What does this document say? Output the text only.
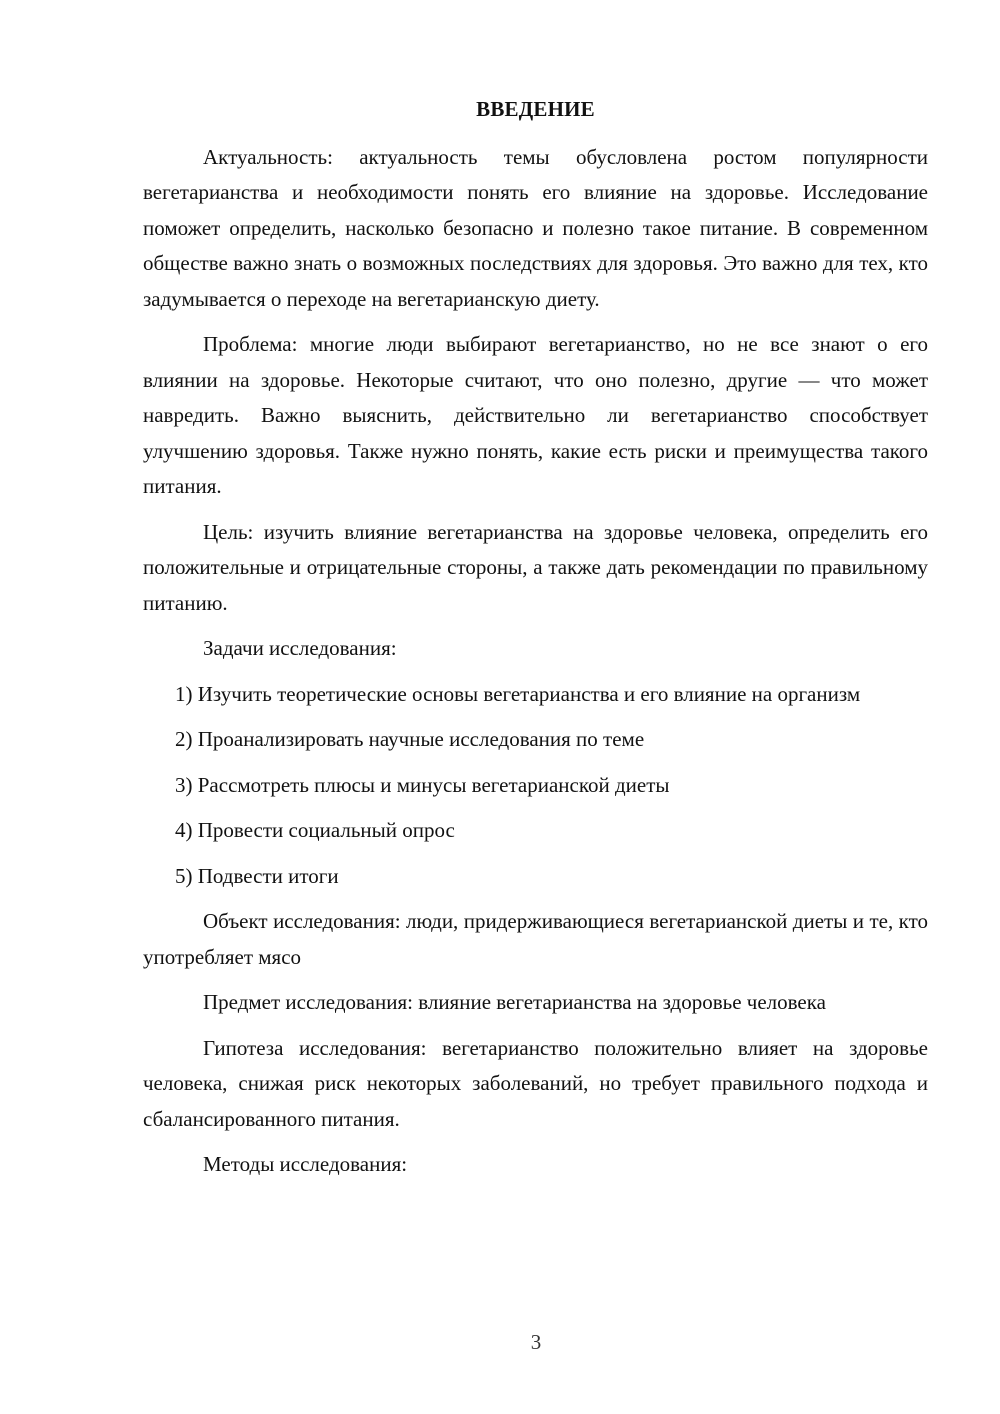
ВВЕДЕНИЕ

Актуальность: актуальность темы обусловлена ростом популярности вегетарианства и необходимости понять его влияние на здоровье. Исследование поможет определить, насколько безопасно и полезно такое питание. В современном обществе важно знать о возможных последствиях для здоровья. Это важно для тех, кто задумывается о переходе на вегетарианскую диету.

Проблема: многие люди выбирают вегетарианство, но не все знают о его влиянии на здоровье. Некоторые считают, что оно полезно, другие — что может навредить. Важно выяснить, действительно ли вегетарианство способствует улучшению здоровья. Также нужно понять, какие есть риски и преимущества такого питания.

Цель: изучить влияние вегетарианства на здоровье человека, определить его положительные и отрицательные стороны, а также дать рекомендации по правильному питанию.

Задачи исследования:

1) Изучить теоретические основы вегетарианства и его влияние на организм
2) Проанализировать научные исследования по теме
3) Рассмотреть плюсы и минусы вегетарианской диеты
4) Провести социальный опрос
5) Подвести итоги

Объект исследования: люди, придерживающиеся вегетарианской диеты и те, кто употребляет мясо

Предмет исследования: влияние вегетарианства на здоровье человека

Гипотеза исследования: вегетарианство положительно влияет на здоровье человека, снижая риск некоторых заболеваний, но требует правильного подхода и сбалансированного питания.

Методы исследования:

3
